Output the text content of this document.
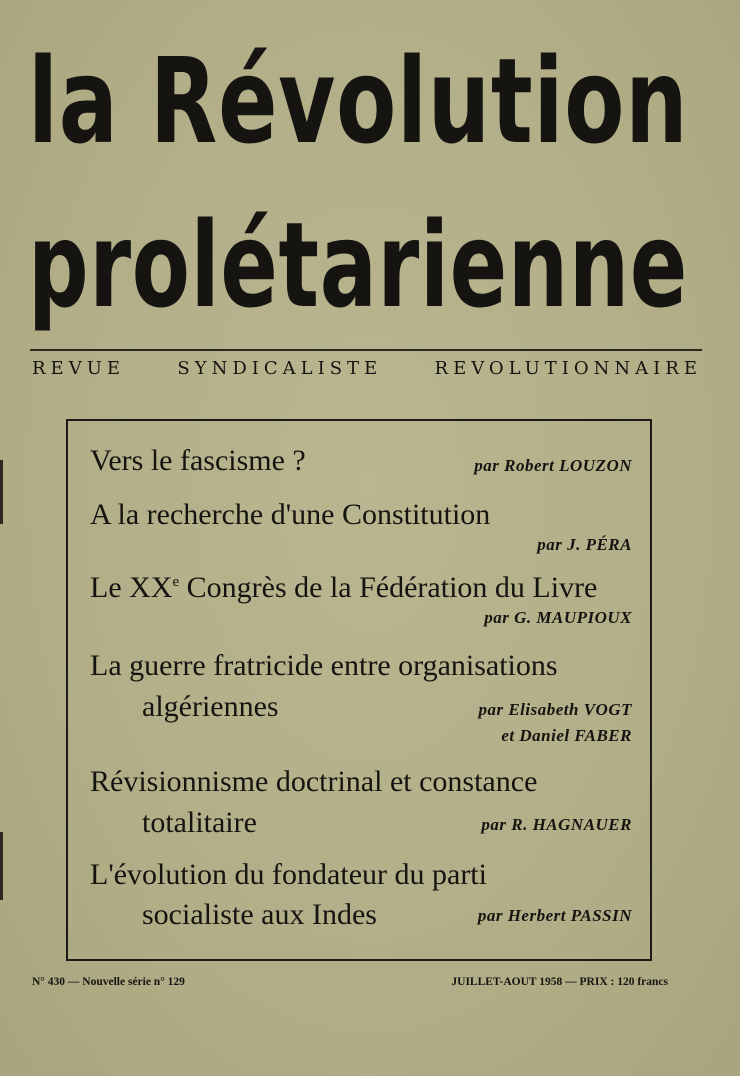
la Révolution
prolétarienne
REVUE	SYNDICALISTE	REVOLUTIONNAIRE
Vers le fascisme ?	par Robert LOUZON
A la recherche d'une Constitution
par J. PÉRA
Le XXe Congrès de la Fédération du Livre
par G. MAUPIOUX
La guerre fratricide entre organisations
algériennes	par Elisabeth VOGT
et Daniel FABER
Révisionnisme doctrinal et constance
totalitaire	par R. HAGNAUER
L'évolution du fondateur du parti
socialiste aux Indes	par Herbert PASSIN
N° 430 — Nouvelle série n° 129	JUILLET-AOUT 1958 — PRIX : 120 francs
